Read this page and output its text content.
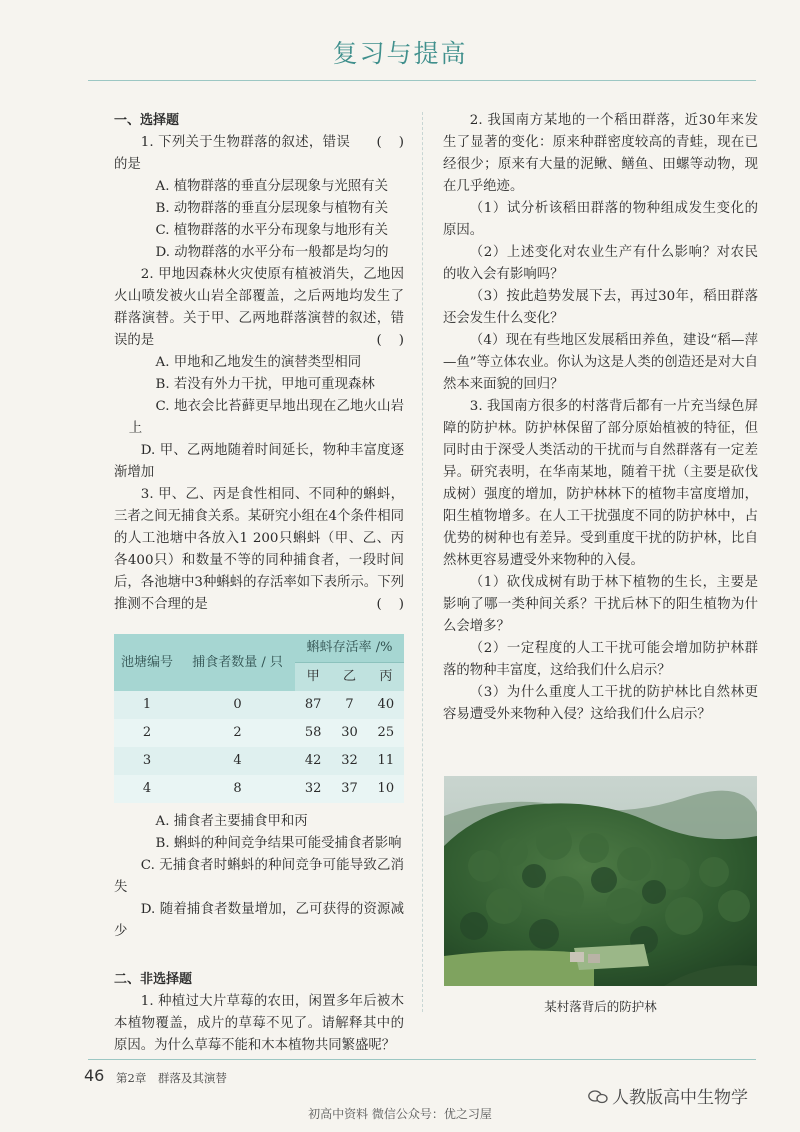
复习与提高

一、选择题

1. 下列关于生物群落的叙述，错误的是
(    )

A. 植物群落的垂直分层现象与光照有关

B. 动物群落的垂直分层现象与植物有关

C. 植物群落的水平分布现象与地形有关

D. 动物群落的水平分布一般都是均匀的

2. 甲地因森林火灾使原有植被消失，乙地因火山喷发被火山岩全部覆盖，之后两地均发生了群落演替。关于甲、乙两地群落演替的叙述，错误的是	(    )

A. 甲地和乙地发生的演替类型相同

B. 若没有外力干扰，甲地可重现森林

C. 地衣会比苔藓更早地出现在乙地火山岩上

D. 甲、乙两地随着时间延长，物种丰富度逐渐增加

3. 甲、乙、丙是食性相同、不同种的蝌蚪，三者之间无捕食关系。某研究小组在4个条件相同的人工池塘中各放入1 200只蝌蚪（甲、乙、丙各400只）和数量不等的同种捕食者，一段时间后，各池塘中3种蝌蚪的存活率如下表所示。下列推测不合理的是	(    )

池塘编号	捕食者数量 / 只	蝌蚪存活率 /%		
		甲	乙	丙
1	0	87	7	40
2	2	58	30	25
3	4	42	32	11
4	8	32	37	10

A. 捕食者主要捕食甲和丙

B. 蝌蚪的种间竞争结果可能受捕食者影响

C. 无捕食者时蝌蚪的种间竞争可能导致乙消失

D. 随着捕食者数量增加，乙可获得的资源减少

二、非选择题

1. 种植过大片草莓的农田，闲置多年后被木本植物覆盖，成片的草莓不见了。请解释其中的原因。为什么草莓不能和木本植物共同繁盛呢？

2. 我国南方某地的一个稻田群落，近30年来发生了显著的变化：原来种群密度较高的青蛙，现在已经很少；原来有大量的泥鳅、鳝鱼、田螺等动物，现在几乎绝迹。

（1）试分析该稻田群落的物种组成发生变化的原因。

（2）上述变化对农业生产有什么影响？对农民的收入会有影响吗？

（3）按此趋势发展下去，再过30年，稻田群落还会发生什么变化？

（4）现在有些地区发展稻田养鱼，建设“稻—萍—鱼”等立体农业。你认为这是人类的创造还是对大自然本来面貌的回归？

3. 我国南方很多的村落背后都有一片充当绿色屏障的防护林。防护林保留了部分原始植被的特征，但同时由于深受人类活动的干扰而与自然群落有一定差异。研究表明，在华南某地，随着干扰（主要是砍伐成树）强度的增加，防护林林下的植物丰富度增加，阳生植物增多。在人工干扰强度不同的防护林中，占优势的树种也有差异。受到重度干扰的防护林，比自然林更容易遭受外来物种的入侵。

（1）砍伐成树有助于林下植物的生长，主要是影响了哪一类种间关系？干扰后林下的阳生植物为什么会增多？

（2）一定程度的人工干扰可能会增加防护林群落的物种丰富度，这给我们什么启示？

（3）为什么重度人工干扰的防护林比自然林更容易遭受外来物种入侵？这给我们什么启示？

某村落背后的防护林
46 第2章　群落及其演替
人教版高中生物学
初高中资料 微信公众号：优之习屋
